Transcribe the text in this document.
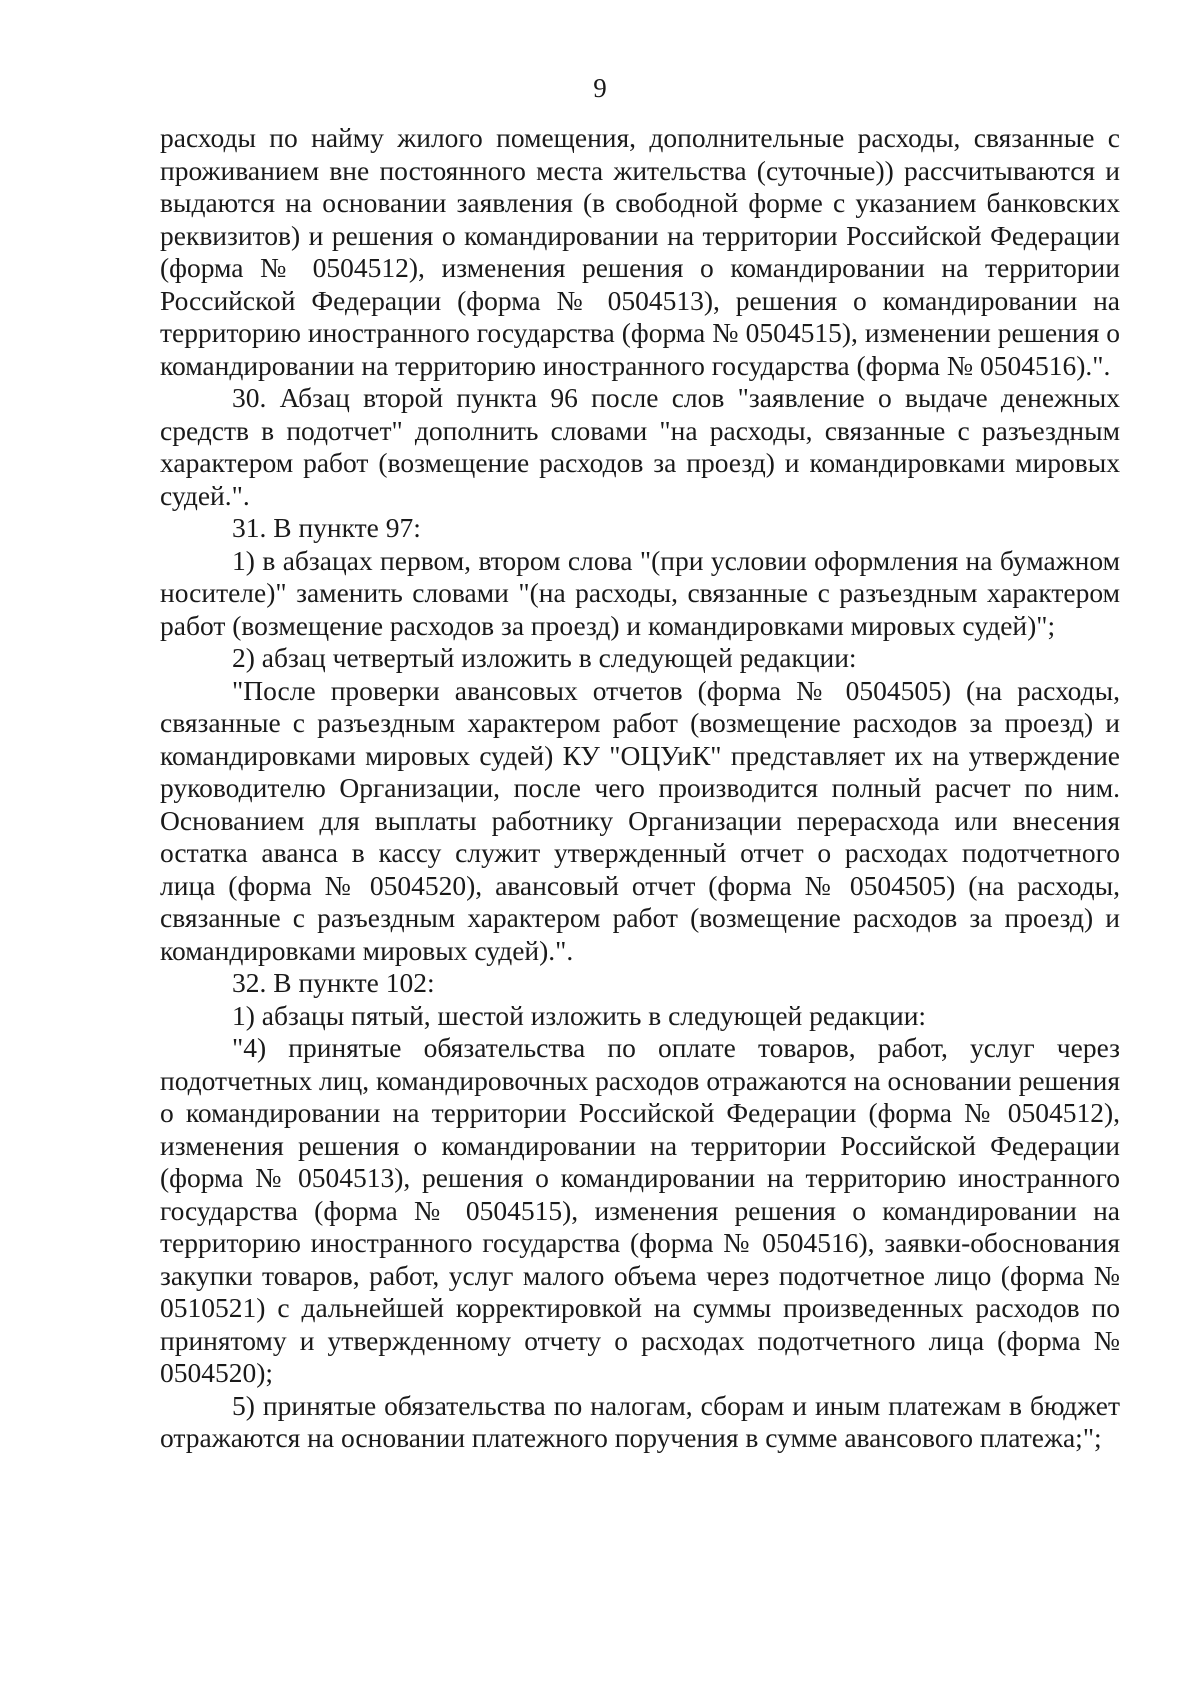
9

расходы по найму жилого помещения, дополнительные расходы, связанные с проживанием вне постоянного места жительства (суточные)) рассчитываются и выдаются на основании заявления (в свободной форме с указанием банковских реквизитов) и решения о командировании на территории Российской Федерации (форма № 0504512), изменения решения о командировании на территории Российской Федерации (форма № 0504513), решения о командировании на территорию иностранного государства (форма № 0504515), изменении решения о командировании на территорию иностранного государства (форма № 0504516).".

30. Абзац второй пункта 96 после слов "заявление о выдаче денежных средств в подотчет" дополнить словами "на расходы, связанные с разъездным характером работ (возмещение расходов за проезд) и командировками мировых судей.".

31. В пункте 97:

1) в абзацах первом, втором слова "(при условии оформления на бумажном носителе)" заменить словами "(на расходы, связанные с разъездным характером работ (возмещение расходов за проезд) и командировками мировых судей)";

2) абзац четвертый изложить в следующей редакции:

"После проверки авансовых отчетов (форма № 0504505) (на расходы, связанные с разъездным характером работ (возмещение расходов за проезд) и командировками мировых судей) КУ "ОЦУиК" представляет их на утверждение руководителю Организации, после чего производится полный расчет по ним. Основанием для выплаты работнику Организации перерасхода или внесения остатка аванса в кассу служит утвержденный отчет о расходах подотчетного лица (форма № 0504520), авансовый отчет (форма № 0504505) (на расходы, связанные с разъездным характером работ (возмещение расходов за проезд) и командировками мировых судей).".

32. В пункте 102:

1) абзацы пятый, шестой изложить в следующей редакции:

"4) принятые обязательства по оплате товаров, работ, услуг через подотчетных лиц, командировочных расходов отражаются на основании решения о командировании на территории Российской Федерации (форма № 0504512), изменения решения о командировании на территории Российской Федерации (форма № 0504513), решения о командировании на территорию иностранного государства (форма № 0504515), изменения решения о командировании на территорию иностранного государства (форма № 0504516), заявки-обоснования закупки товаров, работ, услуг малого объема через подотчетное лицо (форма № 0510521) с дальнейшей корректировкой на суммы произведенных расходов по принятому и утвержденному отчету о расходах подотчетного лица (форма № 0504520);

5) принятые обязательства по налогам, сборам и иным платежам в бюджет отражаются на основании платежного поручения в сумме авансового платежа;";
